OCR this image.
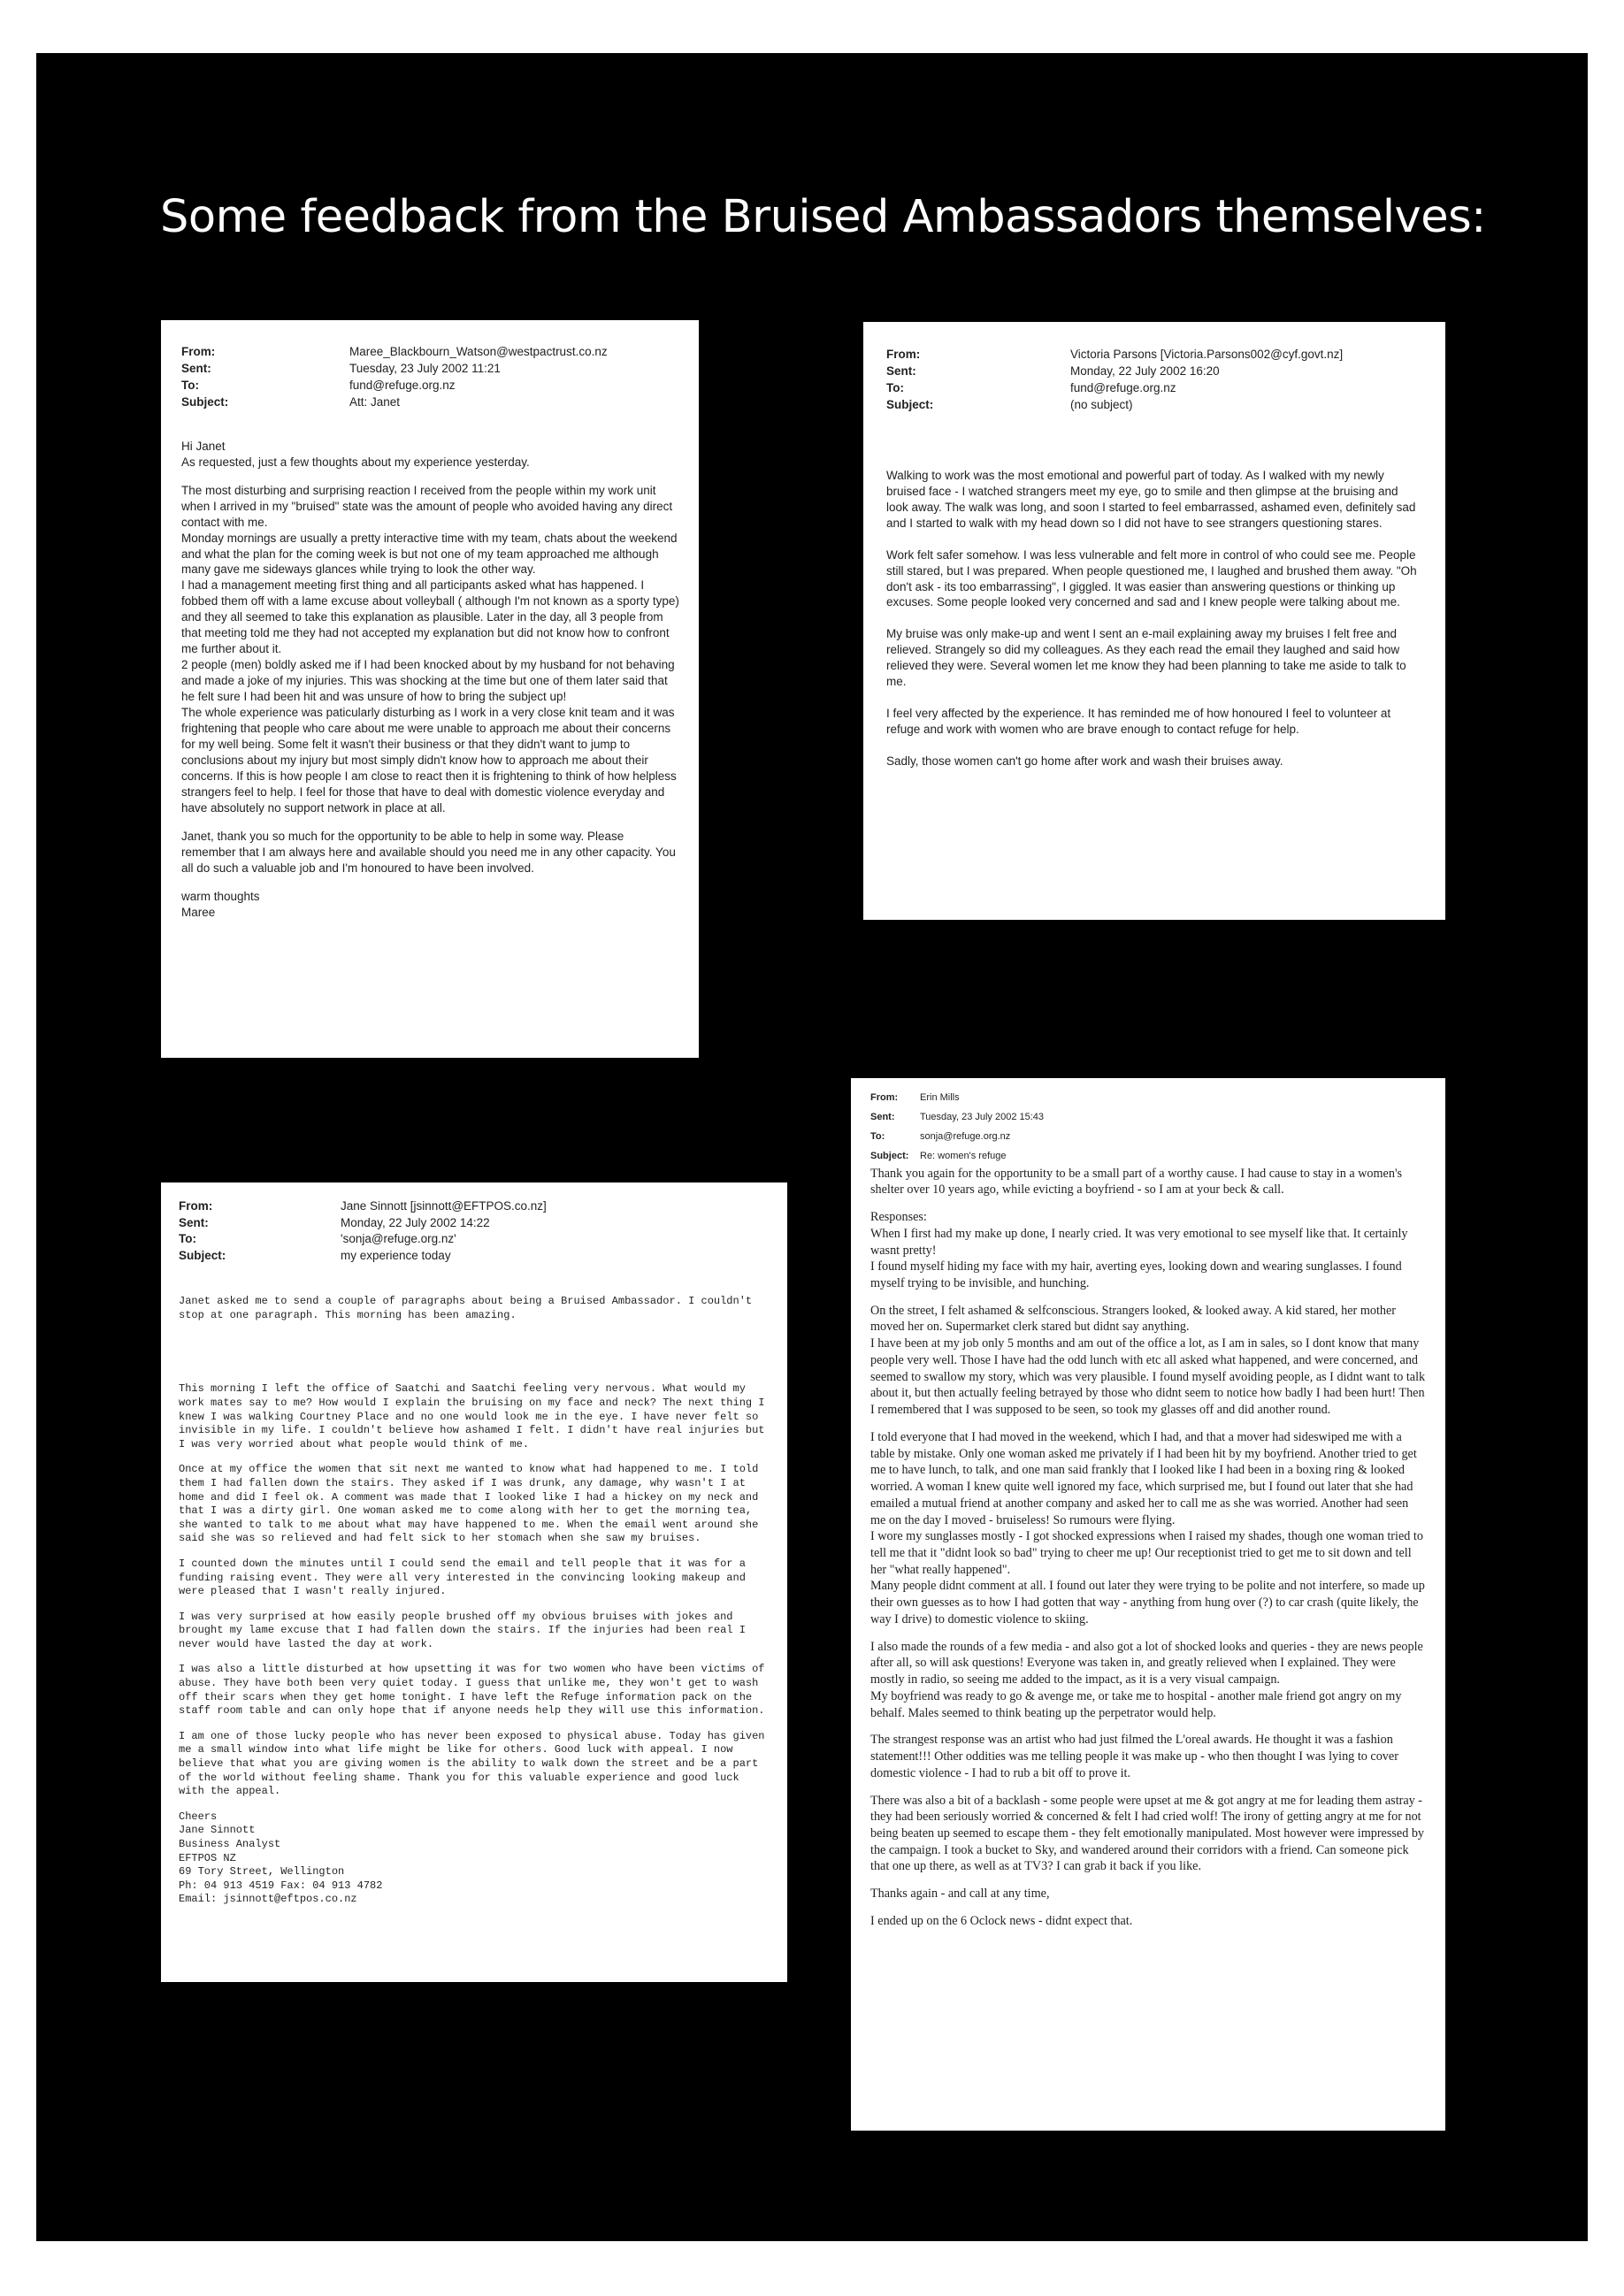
Some feedback from the Bruised Ambassadors themselves:
From:	Maree_Blackbourn_Watson@westpactrust.co.nz
Sent:	Tuesday, 23 July 2002 11:21
To:	fund@refuge.org.nz
Subject:	Att: Janet
Hi Janet

As requested, just a few thoughts about my experience yesterday.

The most disturbing and surprising reaction I received from the people within my work unit when I arrived in my "bruised" state was the amount of people who avoided having any direct contact with me.
Monday mornings are usually a pretty interactive time with my team, chats about the weekend and what the plan for the coming week is but not one of my team approached me although many gave me sideways glances while trying to look the other way.
I had a management meeting first thing and all participants asked what has happened. I fobbed them off with a lame excuse about volleyball ( although I'm not known as a sporty type) and they all seemed to take this explanation as plausible. Later in the day, all 3 people from that meeting told me they had not accepted my explanation but did not know how to confront me further about it.
2 people (men) boldly asked me if I had been knocked about by my husband for not behaving and made a joke of my injuries. This was shocking at the time but one of them later said that he felt sure I had been hit and was unsure of how to bring the subject up!
The whole experience was paticularly disturbing as I work in a very close knit team and it was frightening that people who care about me were unable to approach me about their concerns for my well being. Some felt it wasn't their business or that they didn't want to jump to conclusions about my injury but most simply didn't know how to approach me about their concerns. If this is how people I am close to react then it is frightening to think of how helpless strangers feel to help. I feel for those that have to deal with domestic violence everyday and have absolutely no support network in place at all.

Janet, thank you so much for the opportunity to be able to help in some way. Please remember that I am always here and available should you need me in any other capacity. You all do such a valuable job and I'm honoured to have been involved.

warm thoughts
Maree
From:	Victoria Parsons [Victoria.Parsons002@cyf.govt.nz]
Sent:	Monday, 22 July 2002 16:20
To:	fund@refuge.org.nz
Subject:	(no subject)

Walking to work was the most emotional and powerful part of today. As I walked with my newly bruised face - I watched strangers meet my eye, go to smile and then glimpse at the bruising and look away. The walk was long, and soon I started to feel embarrassed, ashamed even, definitely sad and I started to walk with my head down so I did not have to see strangers questioning stares.

Work felt safer somehow. I was less vulnerable and felt more in control of who could see me. People still stared, but I was prepared. When people questioned me, I laughed and brushed them away. "Oh don't ask - its too embarrassing", I giggled. It was easier than answering questions or thinking up excuses. Some people looked very concerned and sad and I knew people were talking about me.

My bruise was only make-up and went I sent an e-mail explaining away my bruises I felt free and relieved. Strangely so did my colleagues. As they each read the email they laughed and said how relieved they were. Several women let me know they had been planning to take me aside to talk to me.

I feel very affected by the experience. It has reminded me of how honoured I feel to volunteer at refuge and work with women who are brave enough to contact refuge for help.

Sadly, those women can't go home after work and wash their bruises away.

From:	Jane Sinnott [jsinnott@EFTPOS.co.nz]
Sent:	Monday, 22 July 2002 14:22
To:	'sonja@refuge.org.nz'
Subject:	my experience today

Janet asked me to send a couple of paragraphs about being a Bruised Ambassador. I couldn't stop at one paragraph. This morning has been amazing.

This morning I left the office of Saatchi and Saatchi feeling very nervous. What would my work mates say to me? How would I explain the bruising on my face and neck? The next thing I knew I was walking Courtney Place and no one would look me in the eye. I have never felt so invisible in my life. I couldn't believe how ashamed I felt. I didn't have real injuries but I was very worried about what people would think of me.

Once at my office the women that sit next me wanted to know what had happened to me. I told them I had fallen down the stairs. They asked if I was drunk, any damage, why wasn't I at home and did I feel ok. A comment was made that I looked like I had a hickey on my neck and that I was a dirty girl. One woman asked me to come along with her to get the morning tea, she wanted to talk to me about what may have happened to me. When the email went around she said she was so relieved and had felt sick to her stomach when she saw my bruises.

I counted down the minutes until I could send the email and tell people that it was for a funding raising event. They were all very interested in the convincing looking makeup and were pleased that I wasn't really injured.

I was very surprised at how easily people brushed off my obvious bruises with jokes and brought my lame excuse that I had fallen down the stairs. If the injuries had been real I never would have lasted the day at work.

I was also a little disturbed at how upsetting it was for two women who have been victims of abuse. They have both been very quiet today. I guess that unlike me, they won't get to wash off their scars when they get home tonight. I have left the Refuge information pack on the staff room table and can only hope that if anyone needs help they will use this information.

I am one of those lucky people who has never been exposed to physical abuse. Today has given me a small window into what life might be like for others. Good luck with appeal. I now believe that what you are giving women is the ability to walk down the street and be a part of the world without feeling shame. Thank you for this valuable experience and good luck with the appeal.

Cheers
Jane Sinnott
Business Analyst
EFTPOS NZ
69 Tory Street, Wellington
Ph: 04 913 4519 Fax: 04 913 4782
Email: jsinnott@eftpos.co.nz
From:	Erin Mills
Sent:	Tuesday, 23 July 2002 15:43
To:	sonja@refuge.org.nz
Subject:	Re: women's refuge

Thank you again for the opportunity to be a small part of a worthy cause. I had cause to stay in a women's shelter over 10 years ago, while evicting a boyfriend - so I am at your beck & call.

Responses:

When I first had my make up done, I nearly cried. It was very emotional to see myself like that. It certainly wasnt pretty!
I found myself hiding my face with my hair, averting eyes, looking down and wearing sunglasses. I found myself trying to be invisible, and hunching.

On the street, I felt ashamed & selfconscious. Strangers looked, & looked away. A kid stared, her mother moved her on. Supermarket clerk stared but didnt say anything.
I have been at my job only 5 months and am out of the office a lot, as I am in sales, so I dont know that many people very well. Those I have had the odd lunch with etc all asked what happened, and were concerned, and seemed to swallow my story, which was very plausible. I found myself avoiding people, as I didnt want to talk about it, but then actually feeling betrayed by those who didnt seem to notice how badly I had been hurt! Then I remembered that I was supposed to be seen, so took my glasses off and did another round.

I told everyone that I had moved in the weekend, which I had, and that a mover had sideswiped me with a table by mistake. Only one woman asked me privately if I had been hit by my boyfriend. Another tried to get me to have lunch, to talk, and one man said frankly that I looked like I had been in a boxing ring & looked worried. A woman I knew quite well ignored my face, which surprised me, but I found out later that she had emailed a mutual friend at another company and asked her to call me as she was worried. Another had seen me on the day I moved - bruiseless! So rumours were flying.
I wore my sunglasses mostly - I got shocked expressions when I raised my shades, though one woman tried to tell me that it "didnt look so bad" trying to cheer me up! Our receptionist tried to get me to sit down and tell her "what really happened".
Many people didnt comment at all. I found out later they were trying to be polite and not interfere, so made up their own guesses as to how I had gotten that way - anything from hung over (?) to car crash (quite likely, the way I drive) to domestic violence to skiing.

I also made the rounds of a few media - and also got a lot of shocked looks and queries - they are news people after all, so will ask questions! Everyone was taken in, and greatly relieved when I explained. They were mostly in radio, so seeing me added to the impact, as it is a very visual campaign.
My boyfriend was ready to go & avenge me, or take me to hospital - another male friend got angry on my behalf. Males seemed to think beating up the perpetrator would help.

The strangest response was an artist who had just filmed the L'oreal awards. He thought it was a fashion statement!!! Other oddities was me telling people it was make up - who then thought I was lying to cover domestic violence - I had to rub a bit off to prove it.

There was also a bit of a backlash - some people were upset at me & got angry at me for leading them astray - they had been seriously worried & concerned & felt I had cried wolf! The irony of getting angry at me for not being beaten up seemed to escape them - they felt emotionally manipulated. Most however were impressed by the campaign. I took a bucket to Sky, and wandered around their corridors with a friend. Can someone pick that one up there, as well as at TV3? I can grab it back if you like.

Thanks again - and call at any time,

I ended up on the 6 Oclock news - didnt expect that.
